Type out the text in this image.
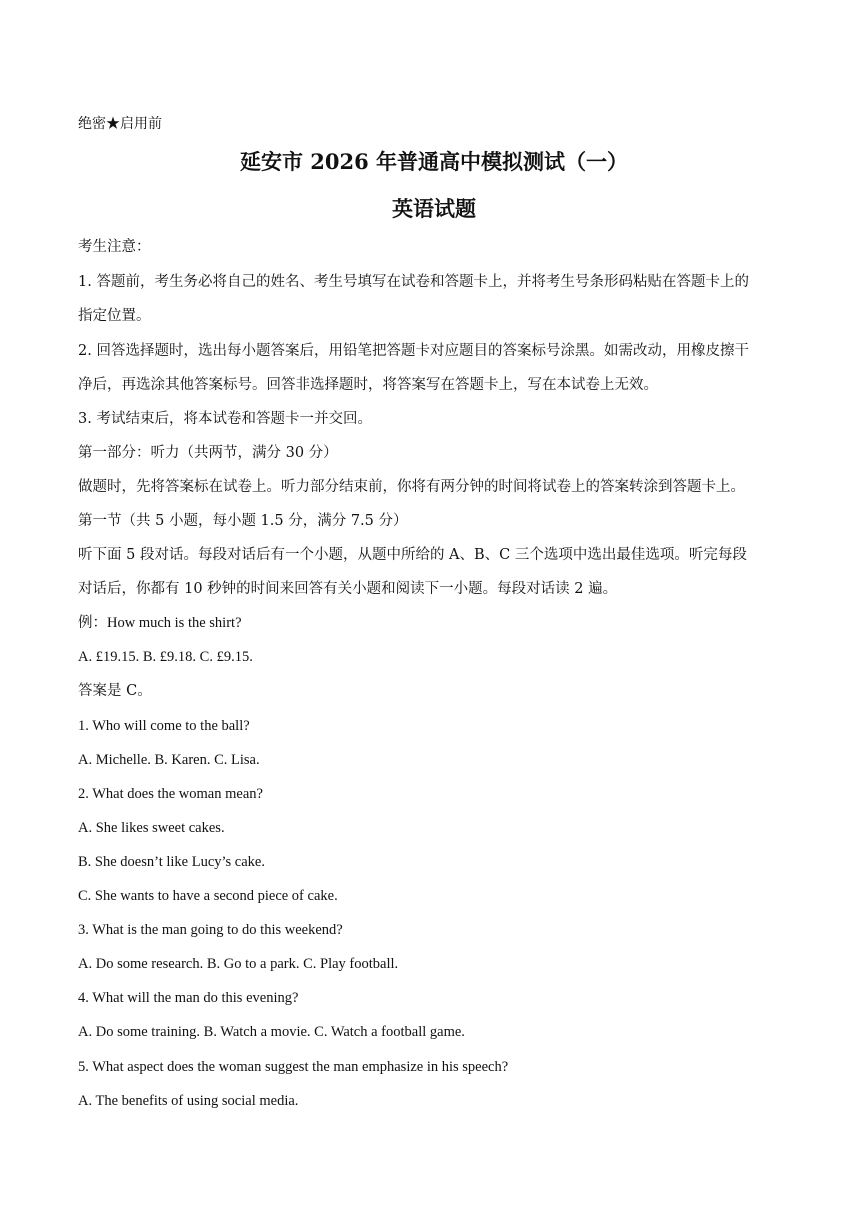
绝密★启用前
延安市 2026 年普通高中模拟测试（一）
英语试题
考生注意：
1. 答题前，考生务必将自己的姓名、考生号填写在试卷和答题卡上，并将考生号条形码粘贴在答题卡上的
指定位置。
2. 回答选择题时，选出每小题答案后，用铅笔把答题卡对应题目的答案标号涂黑。如需改动，用橡皮擦干
净后，再选涂其他答案标号。回答非选择题时，将答案写在答题卡上，写在本试卷上无效。
3. 考试结束后，将本试卷和答题卡一并交回。
第一部分：听力（共两节，满分 30 分）
做题时，先将答案标在试卷上。听力部分结束前，你将有两分钟的时间将试卷上的答案转涂到答题卡上。
第一节（共 5 小题，每小题 1.5 分，满分 7.5 分）
听下面 5 段对话。每段对话后有一个小题，从题中所给的 A、B、C 三个选项中选出最佳选项。听完每段
对话后，你都有 10 秒钟的时间来回答有关小题和阅读下一小题。每段对话读 2 遍。
例：How much is the shirt?
A. £19.15. B. £9.18. C. £9.15.
答案是 C。
1. Who will come to the ball?
A. Michelle. B. Karen. C. Lisa.
2. What does the woman mean?
A. She likes sweet cakes.
B. She doesn’t like Lucy’s cake.
C. She wants to have a second piece of cake.
3. What is the man going to do this weekend?
A. Do some research. B. Go to a park. C. Play football.
4. What will the man do this evening?
A. Do some training. B. Watch a movie. C. Watch a football game.
5. What aspect does the woman suggest the man emphasize in his speech?
A. The benefits of using social media.
